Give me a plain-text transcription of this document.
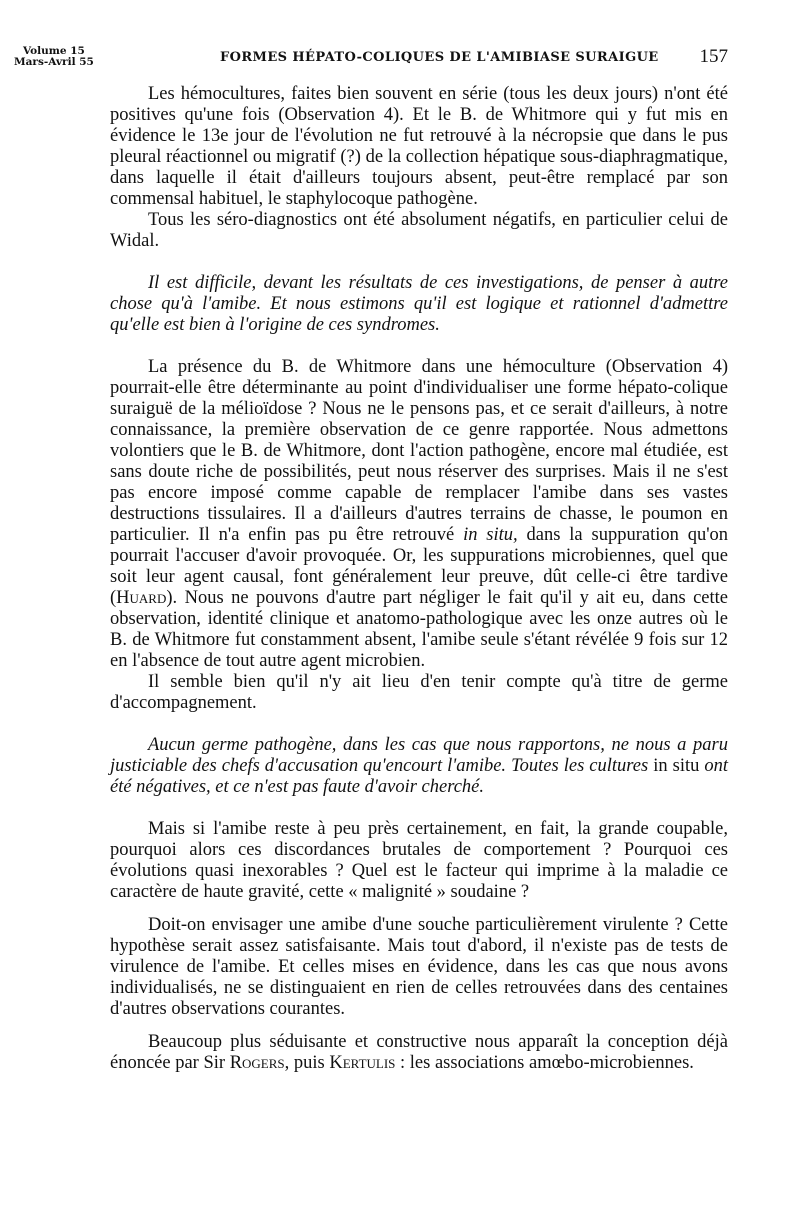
Volume 15
Mars-Avril 55	FORMES HÉPATO-COLIQUES DE L'AMIBIASE SURAIGUE 157

Les hémocultures, faites bien souvent en série (tous les deux jours) n'ont été positives qu'une fois (Observation 4). Et le B. de Whitmore qui y fut mis en évidence le 13e jour de l'évolution ne fut retrouvé à la nécropsie que dans le pus pleural réactionnel ou migratif (?) de la collection hépatique sous-diaphragmatique, dans laquelle il était d'ailleurs toujours absent, peut-être remplacé par son commensal habituel, le staphylocoque pathogène.

Tous les séro-diagnostics ont été absolument négatifs, en particulier celui de Widal.

Il est difficile, devant les résultats de ces investigations, de penser à autre chose qu'à l'amibe. Et nous estimons qu'il est logique et rationnel d'admettre qu'elle est bien à l'origine de ces syndromes.

La présence du B. de Whitmore dans une hémoculture (Observation 4) pourrait-elle être déterminante au point d'individualiser une forme hépato-colique suraiguë de la mélioïdose ? Nous ne le pensons pas, et ce serait d'ailleurs, à notre connaissance, la première observation de ce genre rapportée. Nous admettons volontiers que le B. de Whitmore, dont l'action pathogène, encore mal étudiée, est sans doute riche de possibilités, peut nous réserver des surprises. Mais il ne s'est pas encore imposé comme capable de remplacer l'amibe dans ses vastes destructions tissulaires. Il a d'ailleurs d'autres terrains de chasse, le poumon en particulier. Il n'a enfin pas pu être retrouvé in situ, dans la suppuration qu'on pourrait l'accuser d'avoir provoquée. Or, les suppurations microbiennes, quel que soit leur agent causal, font généralement leur preuve, dût celle-ci être tardive (Huard). Nous ne pouvons d'autre part négliger le fait qu'il y ait eu, dans cette observation, identité clinique et anatomo-pathologique avec les onze autres où le B. de Whitmore fut constamment absent, l'amibe seule s'étant révélée 9 fois sur 12 en l'absence de tout autre agent microbien.

Il semble bien qu'il n'y ait lieu d'en tenir compte qu'à titre de germe d'accompagnement.

Aucun germe pathogène, dans les cas que nous rapportons, ne nous a paru justiciable des chefs d'accusation qu'encourt l'amibe. Toutes les cultures in situ ont été négatives, et ce n'est pas faute d'avoir cherché.

Mais si l'amibe reste à peu près certainement, en fait, la grande coupable, pourquoi alors ces discordances brutales de comportement ? Pourquoi ces évolutions quasi inexorables ? Quel est le facteur qui imprime à la maladie ce caractère de haute gravité, cette « malignité » soudaine ?

Doit-on envisager une amibe d'une souche particulièrement virulente ? Cette hypothèse serait assez satisfaisante. Mais tout d'abord, il n'existe pas de tests de virulence de l'amibe. Et celles mises en évidence, dans les cas que nous avons individualisés, ne se distinguaient en rien de celles retrouvées dans des centaines d'autres observations courantes.

Beaucoup plus séduisante et constructive nous apparaît la conception déjà énoncée par Sir Rogers, puis Kertulis : les associations amœbo-microbiennes.
